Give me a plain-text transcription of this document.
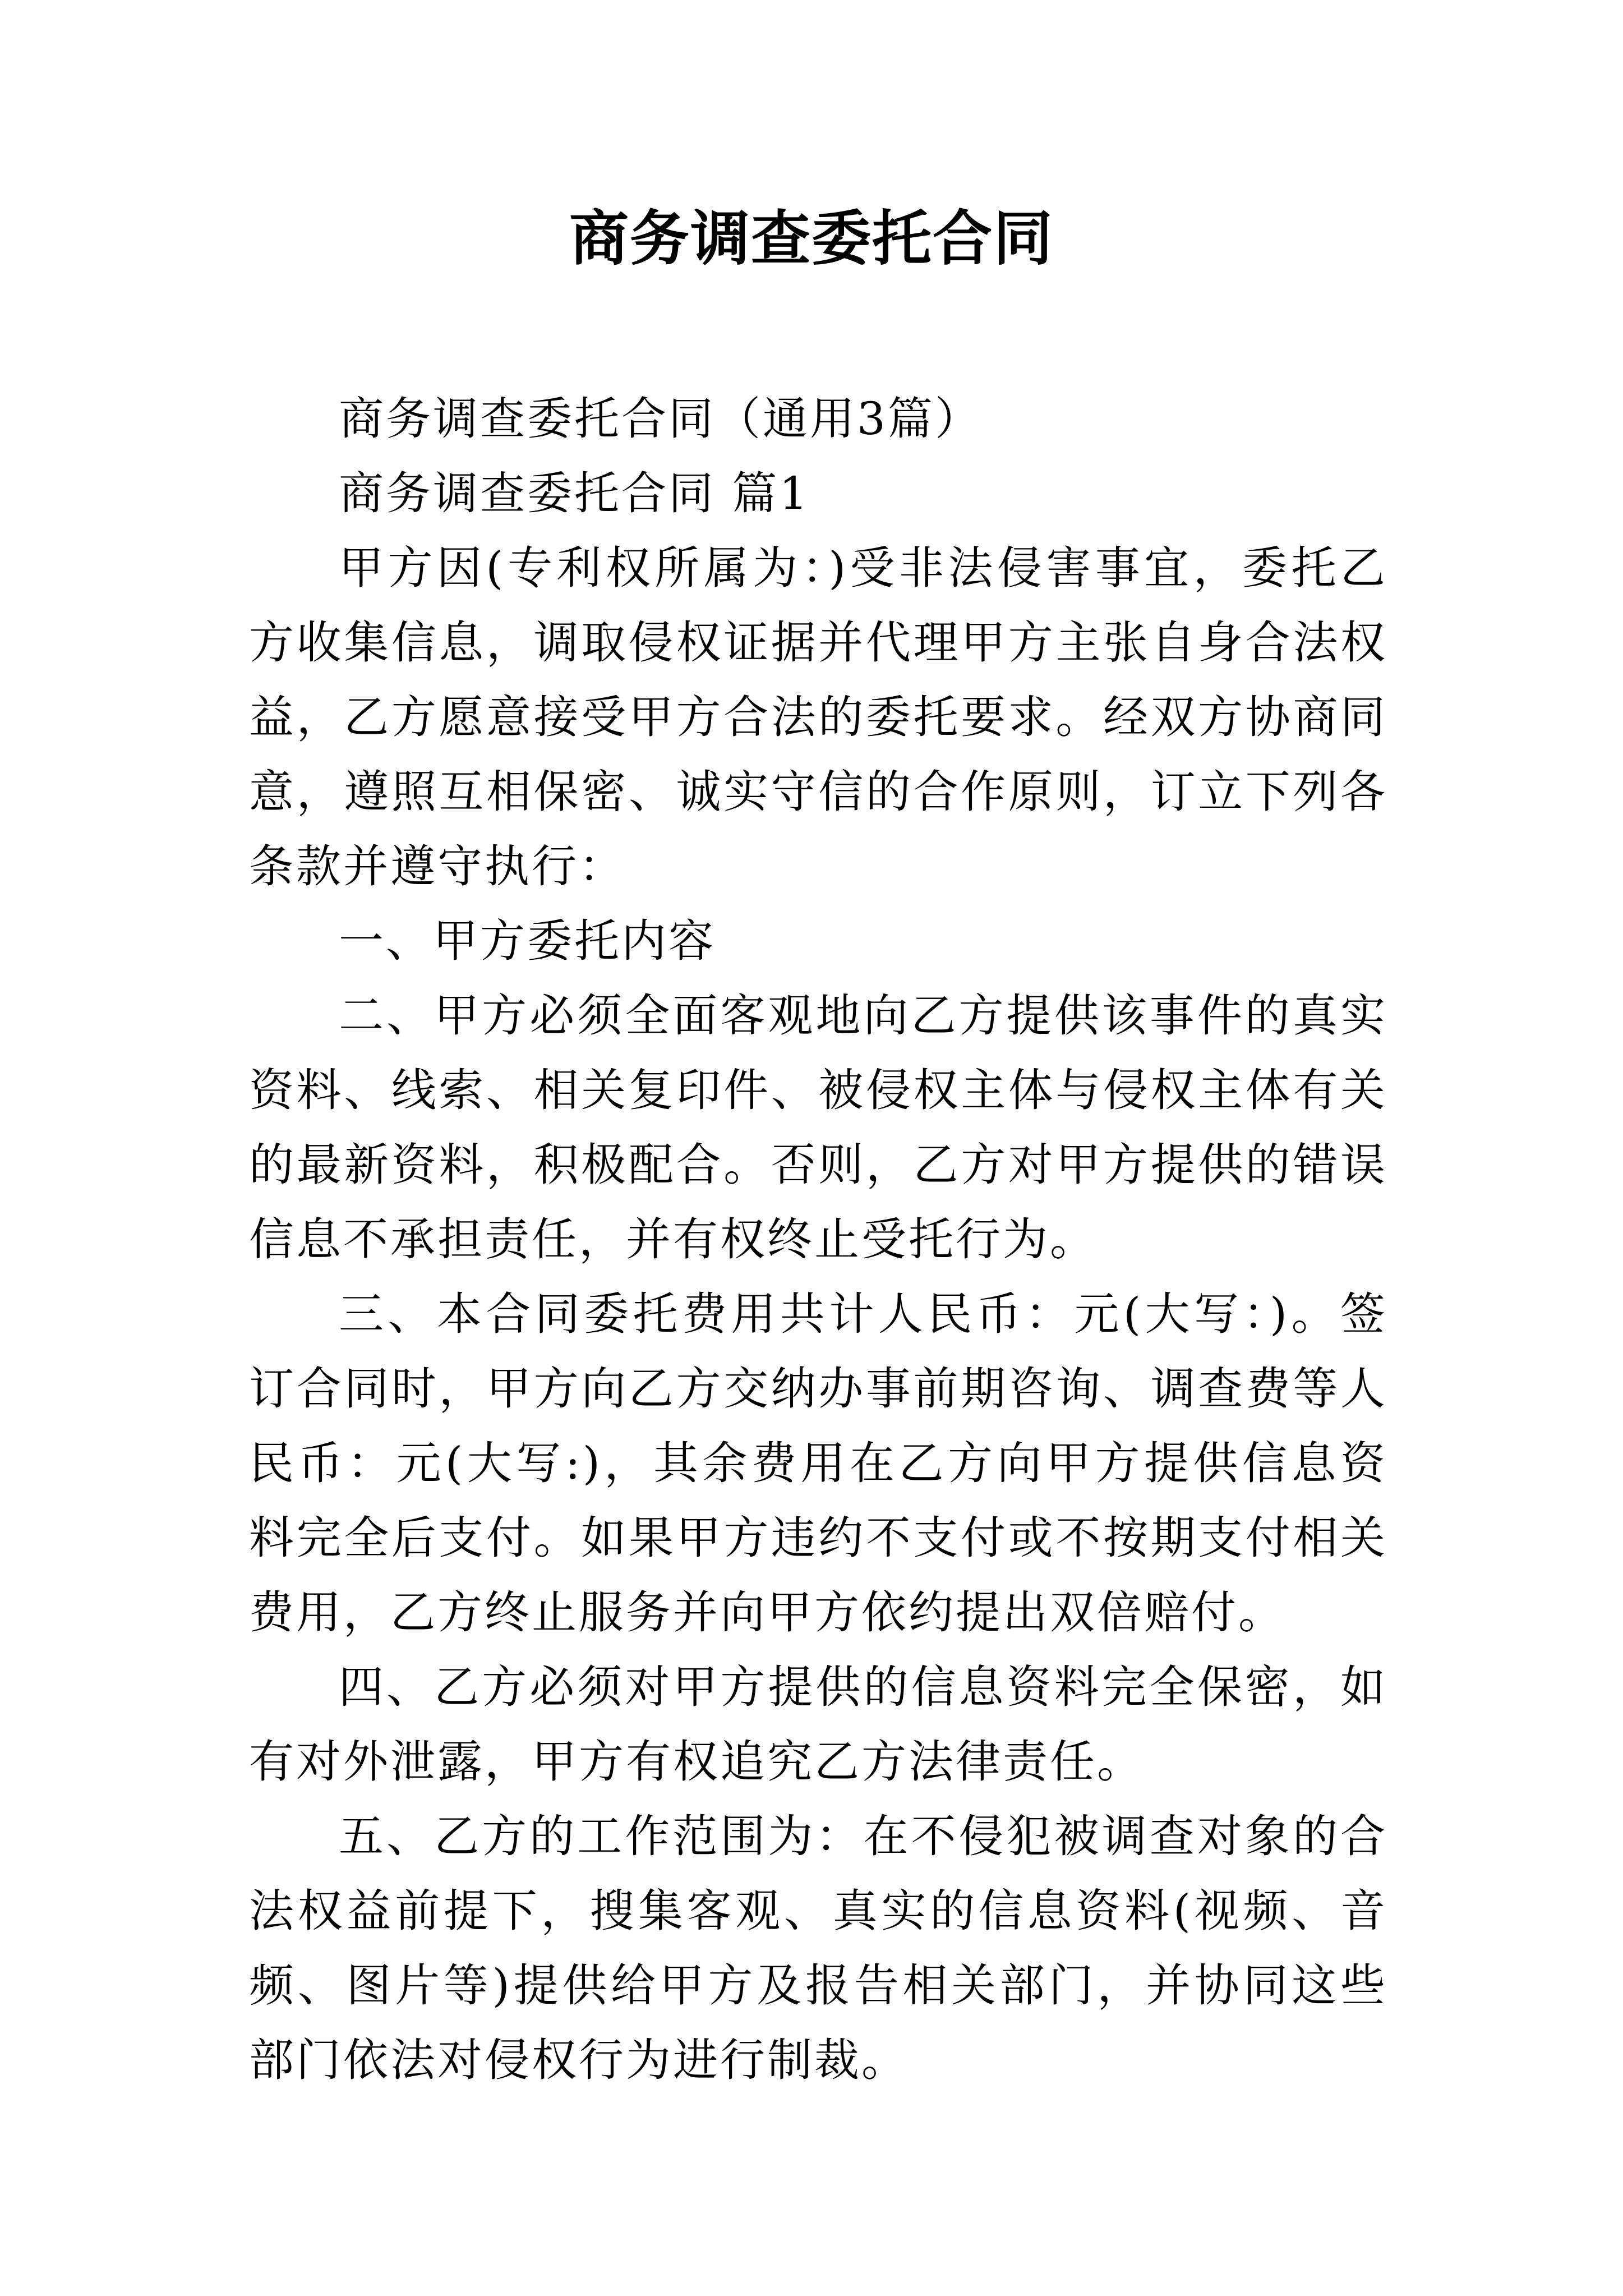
商务调查委托合同

商务调查委托合同（通用3篇）

商务调查委托合同 篇1

甲方因(专利权所属为：)受非法侵害事宜，委托乙方收集信息，调取侵权证据并代理甲方主张自身合法权益，乙方愿意接受甲方合法的委托要求。经双方协商同意，遵照互相保密、诚实守信的合作原则，订立下列各条款并遵守执行：

一、甲方委托内容

二、甲方必须全面客观地向乙方提供该事件的真实资料、线索、相关复印件、被侵权主体与侵权主体有关的最新资料，积极配合。否则，乙方对甲方提供的错误信息不承担责任，并有权终止受托行为。

三、本合同委托费用共计人民币：元(大写：)。签订合同时，甲方向乙方交纳办事前期咨询、调查费等人民币：元(大写:)，其余费用在乙方向甲方提供信息资料完全后支付。如果甲方违约不支付或不按期支付相关费用，乙方终止服务并向甲方依约提出双倍赔付。

四、乙方必须对甲方提供的信息资料完全保密，如有对外泄露，甲方有权追究乙方法律责任。

五、乙方的工作范围为：在不侵犯被调查对象的合法权益前提下，搜集客观、真实的信息资料(视频、音频、图片等)提供给甲方及报告相关部门，并协同这些部门依法对侵权行为进行制裁。
